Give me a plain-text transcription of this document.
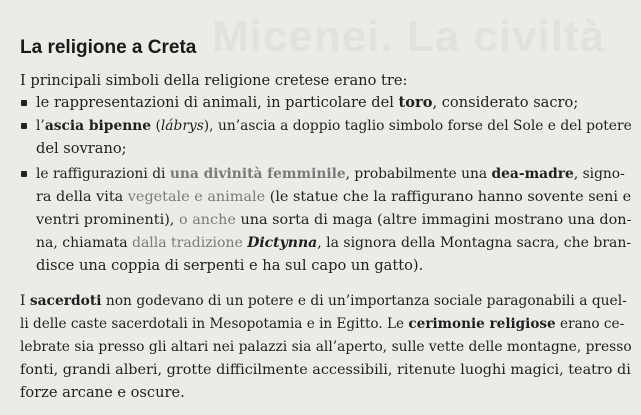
Micenei. La civiltà
La religione a Creta
I principali simboli della religione cretese erano tre:
le rappresentazioni di animali, in particolare del toro, considerato sacro;
l’ascia bipenne (lábrys), un’ascia a doppio taglio simbolo forse del Sole e del potere
del sovrano;
le raffigurazioni di una divinità femminile, probabilmente una dea-madre, signo-
ra della vita vegetale e animale (le statue che la raffigurano hanno sovente seni e
ventri prominenti), o anche una sorta di maga (altre immagini mostrano una don-
na, chiamata dalla tradizione Dictynna, la signora della Montagna sacra, che bran-
disce una coppia di serpenti e ha sul capo un gatto).
I sacerdoti non godevano di un potere e di un’importanza sociale paragonabili a quel-
li delle caste sacerdotali in Mesopotamia e in Egitto. Le cerimonie religiose erano ce-
lebrate sia presso gli altari nei palazzi sia all’aperto, sulle vette delle montagne, presso
fonti, grandi alberi, grotte difficilmente accessibili, ritenute luoghi magici, teatro di
forze arcane e oscure.
